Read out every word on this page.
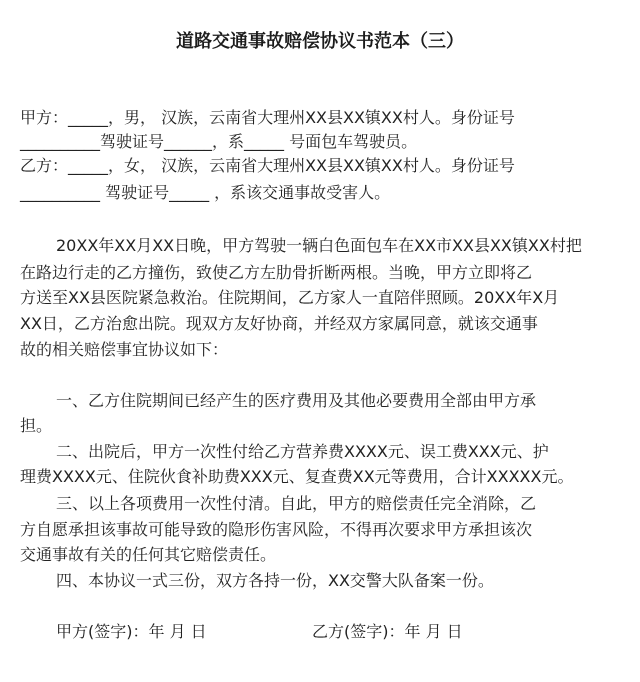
道路交通事故赔偿协议书范本（三）
甲方：_____，男， 汉族，云南省大理州XX县XX镇XX村人。身份证号
__________驾驶证号______，系_____ 号面包车驾驶员。
乙方：_____，女， 汉族，云南省大理州XX县XX镇XX村人。身份证号
__________ 驾驶证号_____ ，系该交通事故受害人。
20XX年XX月XX日晚，甲方驾驶一辆白色面包车在XX市XX县XX镇XX村把
在路边行走的乙方撞伤，致使乙方左肋骨折断两根。当晚，甲方立即将乙
方送至XX县医院紧急救治。住院期间，乙方家人一直陪伴照顾。20XX年X月
XX日，乙方治愈出院。现双方友好协商，并经双方家属同意，就该交通事
故的相关赔偿事宜协议如下：
一、乙方住院期间已经产生的医疗费用及其他必要费用全部由甲方承
担。
二、出院后，甲方一次性付给乙方营养费XXXX元、误工费XXX元、护
理费XXXX元、住院伙食补助费XXX元、复查费XX元等费用，合计XXXXX元。
三、以上各项费用一次性付清。自此，甲方的赔偿责任完全消除，乙
方自愿承担该事故可能导致的隐形伤害风险，不得再次要求甲方承担该次
交通事故有关的任何其它赔偿责任。
四、本协议一式三份，双方各持一份，XX交警大队备案一份。
甲方(签字)：年 月 日	乙方(签字)：年 月 日
